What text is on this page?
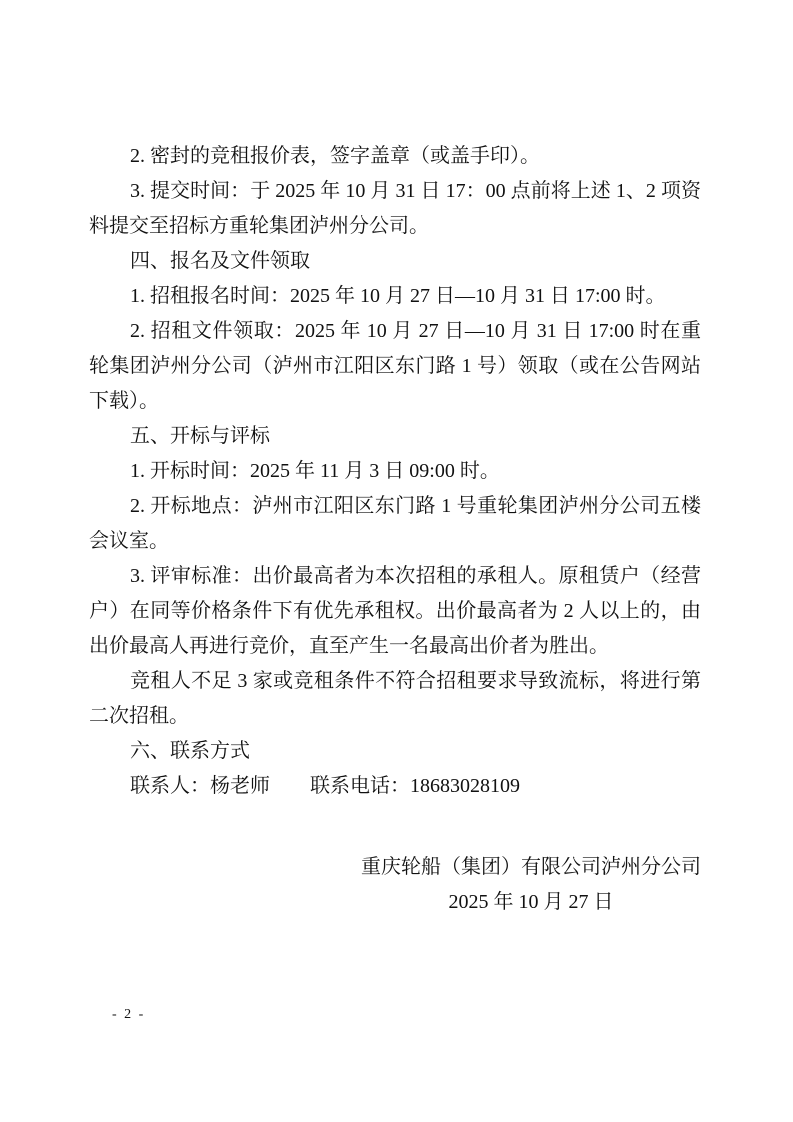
2. 密封的竞租报价表，签字盖章（或盖手印）。
3. 提交时间：于 2025 年 10 月 31 日 17：00 点前将上述 1、2 项资
料提交至招标方重轮集团泸州分公司。
四、报名及文件领取
1. 招租报名时间：2025 年 10 月 27 日—10 月 31 日 17:00 时。
2. 招租文件领取：2025 年 10 月 27 日—10 月 31 日 17:00 时在重
轮集团泸州分公司（泸州市江阳区东门路 1 号）领取（或在公告网站
下载）。
五、开标与评标
1. 开标时间：2025 年 11 月 3 日 09:00 时。
2. 开标地点：泸州市江阳区东门路 1 号重轮集团泸州分公司五楼
会议室。
3. 评审标准：出价最高者为本次招租的承租人。原租赁户（经营
户）在同等价格条件下有优先承租权。出价最高者为 2 人以上的，由
出价最高人再进行竞价，直至产生一名最高出价者为胜出。
竞租人不足 3 家或竞租条件不符合招租要求导致流标，将进行第
二次招租。
六、联系方式
联系人：杨老师　　联系电话：18683028109
重庆轮船（集团）有限公司泸州分公司
2025 年 10 月 27 日
- 2 -
